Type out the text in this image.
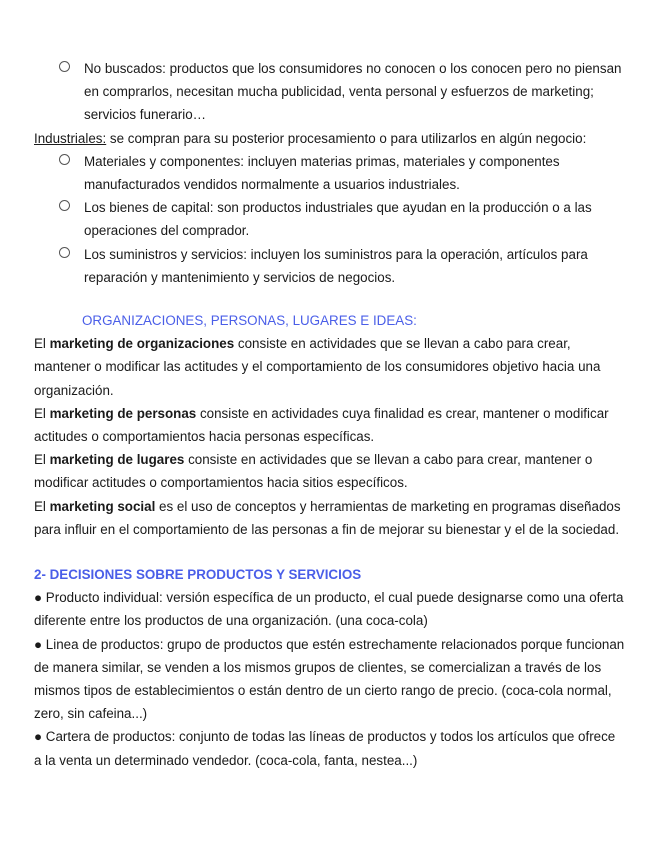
No buscados: productos que los consumidores no conocen o los conocen pero no piensan en comprarlos, necesitan mucha publicidad, venta personal y esfuerzos de marketing; servicios funerario…

Industriales: se compran para su posterior procesamiento o para utilizarlos en algún negocio:

Materiales y componentes: incluyen materias primas, materiales y componentes manufacturados vendidos normalmente a usuarios industriales.
Los bienes de capital: son productos industriales que ayudan en la producción o a las operaciones del comprador.
Los suministros y servicios: incluyen los suministros para la operación, artículos para reparación y mantenimiento y servicios de negocios.

ORGANIZACIONES, PERSONAS, LUGARES E IDEAS:

El marketing de organizaciones consiste en actividades que se llevan a cabo para crear, mantener o modificar las actitudes y el comportamiento de los consumidores objetivo hacia una organización.

El marketing de personas consiste en actividades cuya finalidad es crear, mantener o modificar actitudes o comportamientos hacia personas específicas.

El marketing de lugares consiste en actividades que se llevan a cabo para crear, mantener o modificar actitudes o comportamientos hacia sitios específicos.

El marketing social es el uso de conceptos y herramientas de marketing en programas diseñados para influir en el comportamiento de las personas a fin de mejorar su bienestar y el de la sociedad.

2- DECISIONES SOBRE PRODUCTOS Y SERVICIOS

● Producto individual: versión específica de un producto, el cual puede designarse como una oferta diferente entre los productos de una organización. (una coca-cola)

● Linea de productos: grupo de productos que estén estrechamente relacionados porque funcionan de manera similar, se venden a los mismos grupos de clientes, se comercializan a través de los mismos tipos de establecimientos o están dentro de un cierto rango de precio. (coca-cola normal, zero, sin cafeina...)

● Cartera de productos: conjunto de todas las líneas de productos y todos los artículos que ofrece a la venta un determinado vendedor. (coca-cola, fanta, nestea...)
